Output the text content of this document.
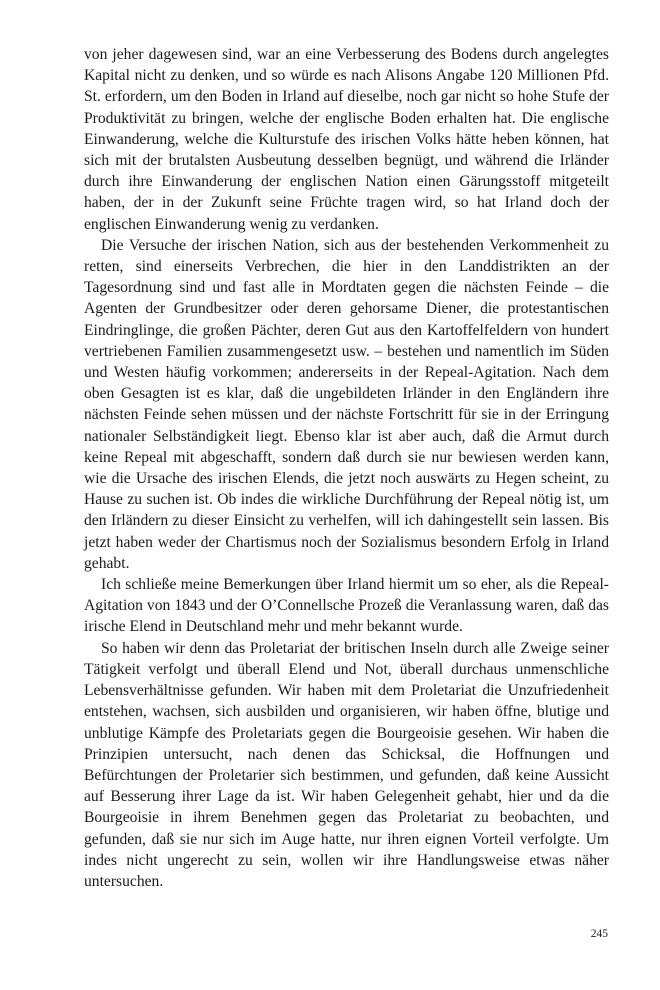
von jeher dagewesen sind, war an eine Verbesserung des Bodens durch angelegtes Kapital nicht zu denken, und so würde es nach Alisons Angabe 120 Millionen Pfd. St. erfordern, um den Boden in Irland auf dieselbe, noch gar nicht so hohe Stufe der Produktivität zu bringen, welche der englische Boden erhalten hat. Die englische Einwanderung, welche die Kulturstufe des irischen Volks hätte heben können, hat sich mit der brutalsten Ausbeutung desselben begnügt, und während die Irländer durch ihre Einwanderung der englischen Nation einen Gärungsstoff mitgeteilt haben, der in der Zukunft seine Früchte tragen wird, so hat Irland doch der englischen Einwanderung wenig zu verdanken.

Die Versuche der irischen Nation, sich aus der bestehenden Verkommenheit zu retten, sind einerseits Verbrechen, die hier in den Landdistrikten an der Tagesordnung sind und fast alle in Mordtaten gegen die nächsten Feinde – die Agenten der Grundbesitzer oder deren gehorsame Diener, die protestantischen Eindringlinge, die großen Pächter, deren Gut aus den Kartoffelfeldern von hundert vertriebenen Familien zusammengesetzt usw. – bestehen und namentlich im Süden und Westen häufig vorkommen; andererseits in der Repeal-Agitation. Nach dem oben Gesagten ist es klar, daß die ungebildeten Irländer in den Engländern ihre nächsten Feinde sehen müssen und der nächste Fortschritt für sie in der Erringung nationaler Selbständigkeit liegt. Ebenso klar ist aber auch, daß die Armut durch keine Repeal mit abgeschafft, sondern daß durch sie nur bewiesen werden kann, wie die Ursache des irischen Elends, die jetzt noch auswärts zu Hegen scheint, zu Hause zu suchen ist. Ob indes die wirkliche Durchführung der Repeal nötig ist, um den Irländern zu dieser Einsicht zu verhelfen, will ich dahingestellt sein lassen. Bis jetzt haben weder der Chartismus noch der Sozialismus besondern Erfolg in Irland gehabt.

Ich schließe meine Bemerkungen über Irland hiermit um so eher, als die Repeal-Agitation von 1843 und der O’Connellsche Prozeß die Veranlassung waren, daß das irische Elend in Deutschland mehr und mehr bekannt wurde.

So haben wir denn das Proletariat der britischen Inseln durch alle Zweige seiner Tätigkeit verfolgt und überall Elend und Not, überall durchaus unmenschliche Lebensverhältnisse gefunden. Wir haben mit dem Proletariat die Unzufriedenheit entstehen, wachsen, sich ausbilden und organisieren, wir haben öffne, blutige und unblutige Kämpfe des Proletariats gegen die Bourgeoisie gesehen. Wir haben die Prinzipien untersucht, nach denen das Schicksal, die Hoffnungen und Befürchtungen der Proletarier sich bestimmen, und gefunden, daß keine Aussicht auf Besserung ihrer Lage da ist. Wir haben Gelegenheit gehabt, hier und da die Bourgeoisie in ihrem Benehmen gegen das Proletariat zu beobachten, und gefunden, daß sie nur sich im Auge hatte, nur ihren eignen Vorteil verfolgte. Um indes nicht ungerecht zu sein, wollen wir ihre Handlungsweise etwas näher untersuchen.

245
